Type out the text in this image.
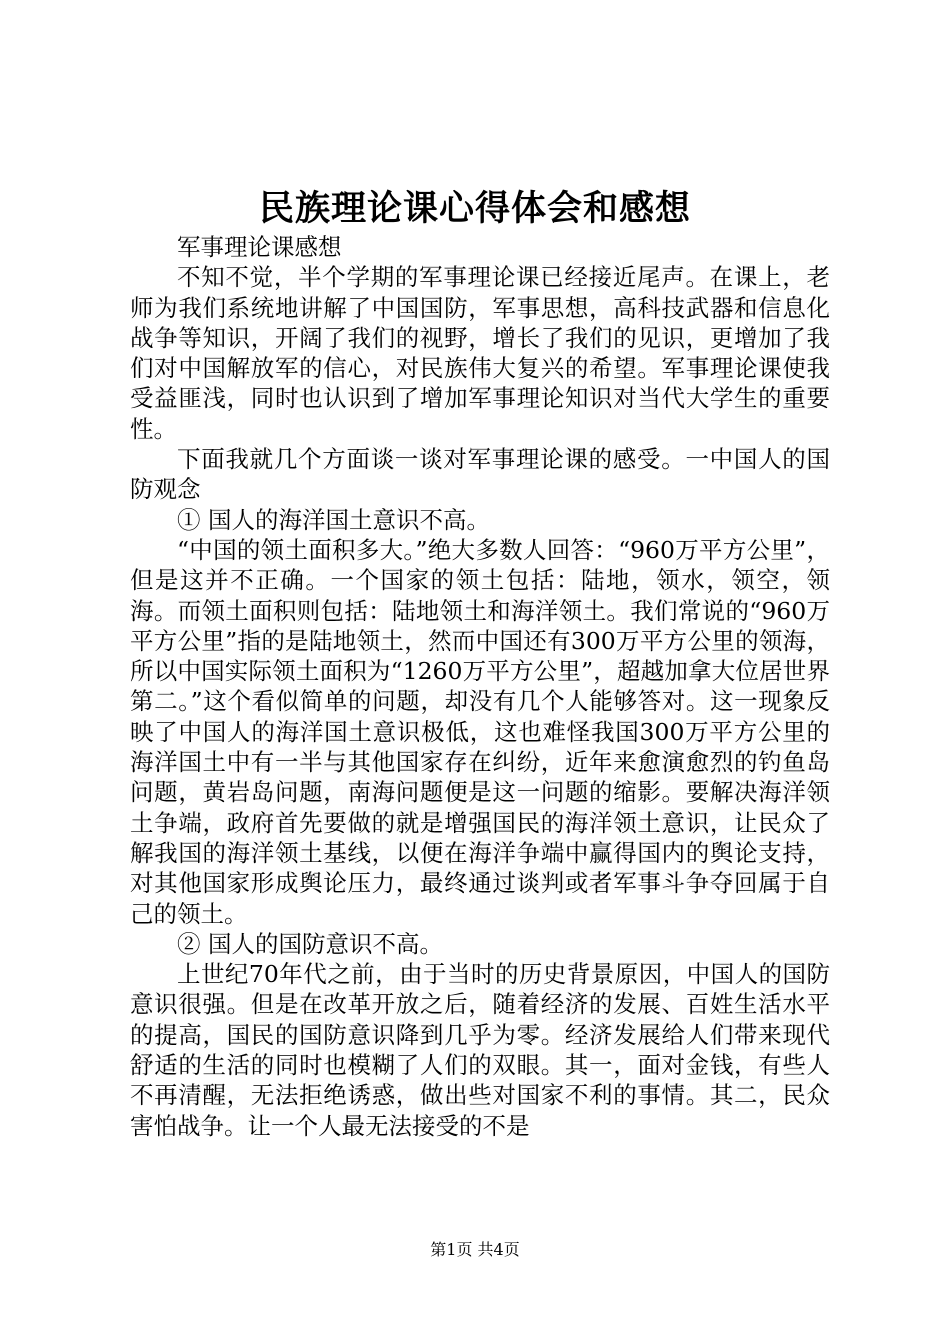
民族理论课心得体会和感想

军事理论课感想

不知不觉，半个学期的军事理论课已经接近尾声。在课上，老师为我们系统地讲解了中国国防，军事思想，高科技武器和信息化战争等知识，开阔了我们的视野，增长了我们的见识，更增加了我们对中国解放军的信心，对民族伟大复兴的希望。军事理论课使我受益匪浅，同时也认识到了增加军事理论知识对当代大学生的重要性。

下面我就几个方面谈一谈对军事理论课的感受。一中国人的国防观念

① 国人的海洋国土意识不高。

“中国的领土面积多大。”绝大多数人回答：“960万平方公里”，但是这并不正确。一个国家的领土包括：陆地，领水，领空，领海。而领土面积则包括：陆地领土和海洋领土。我们常说的“960万平方公里”指的是陆地领土，然而中国还有300万平方公里的领海，所以中国实际领土面积为“1260万平方公里”，超越加拿大位居世界第二。”这个看似简单的问题，却没有几个人能够答对。这一现象反映了中国人的海洋国土意识极低，这也难怪我国300万平方公里的海洋国土中有一半与其他国家存在纠纷，近年来愈演愈烈的钓鱼岛问题，黄岩岛问题，南海问题便是这一问题的缩影。要解决海洋领土争端，政府首先要做的就是增强国民的海洋领土意识，让民众了解我国的海洋领土基线，以便在海洋争端中赢得国内的舆论支持，对其他国家形成舆论压力，最终通过谈判或者军事斗争夺回属于自己的领土。

② 国人的国防意识不高。

上世纪70年代之前，由于当时的历史背景原因，中国人的国防意识很强。但是在改革开放之后，随着经济的发展、百姓生活水平的提高，国民的国防意识降到几乎为零。经济发展给人们带来现代舒适的生活的同时也模糊了人们的双眼。其一，面对金钱，有些人不再清醒，无法拒绝诱惑，做出些对国家不利的事情。其二，民众害怕战争。让一个人最无法接受的不是

第1页 共4页
